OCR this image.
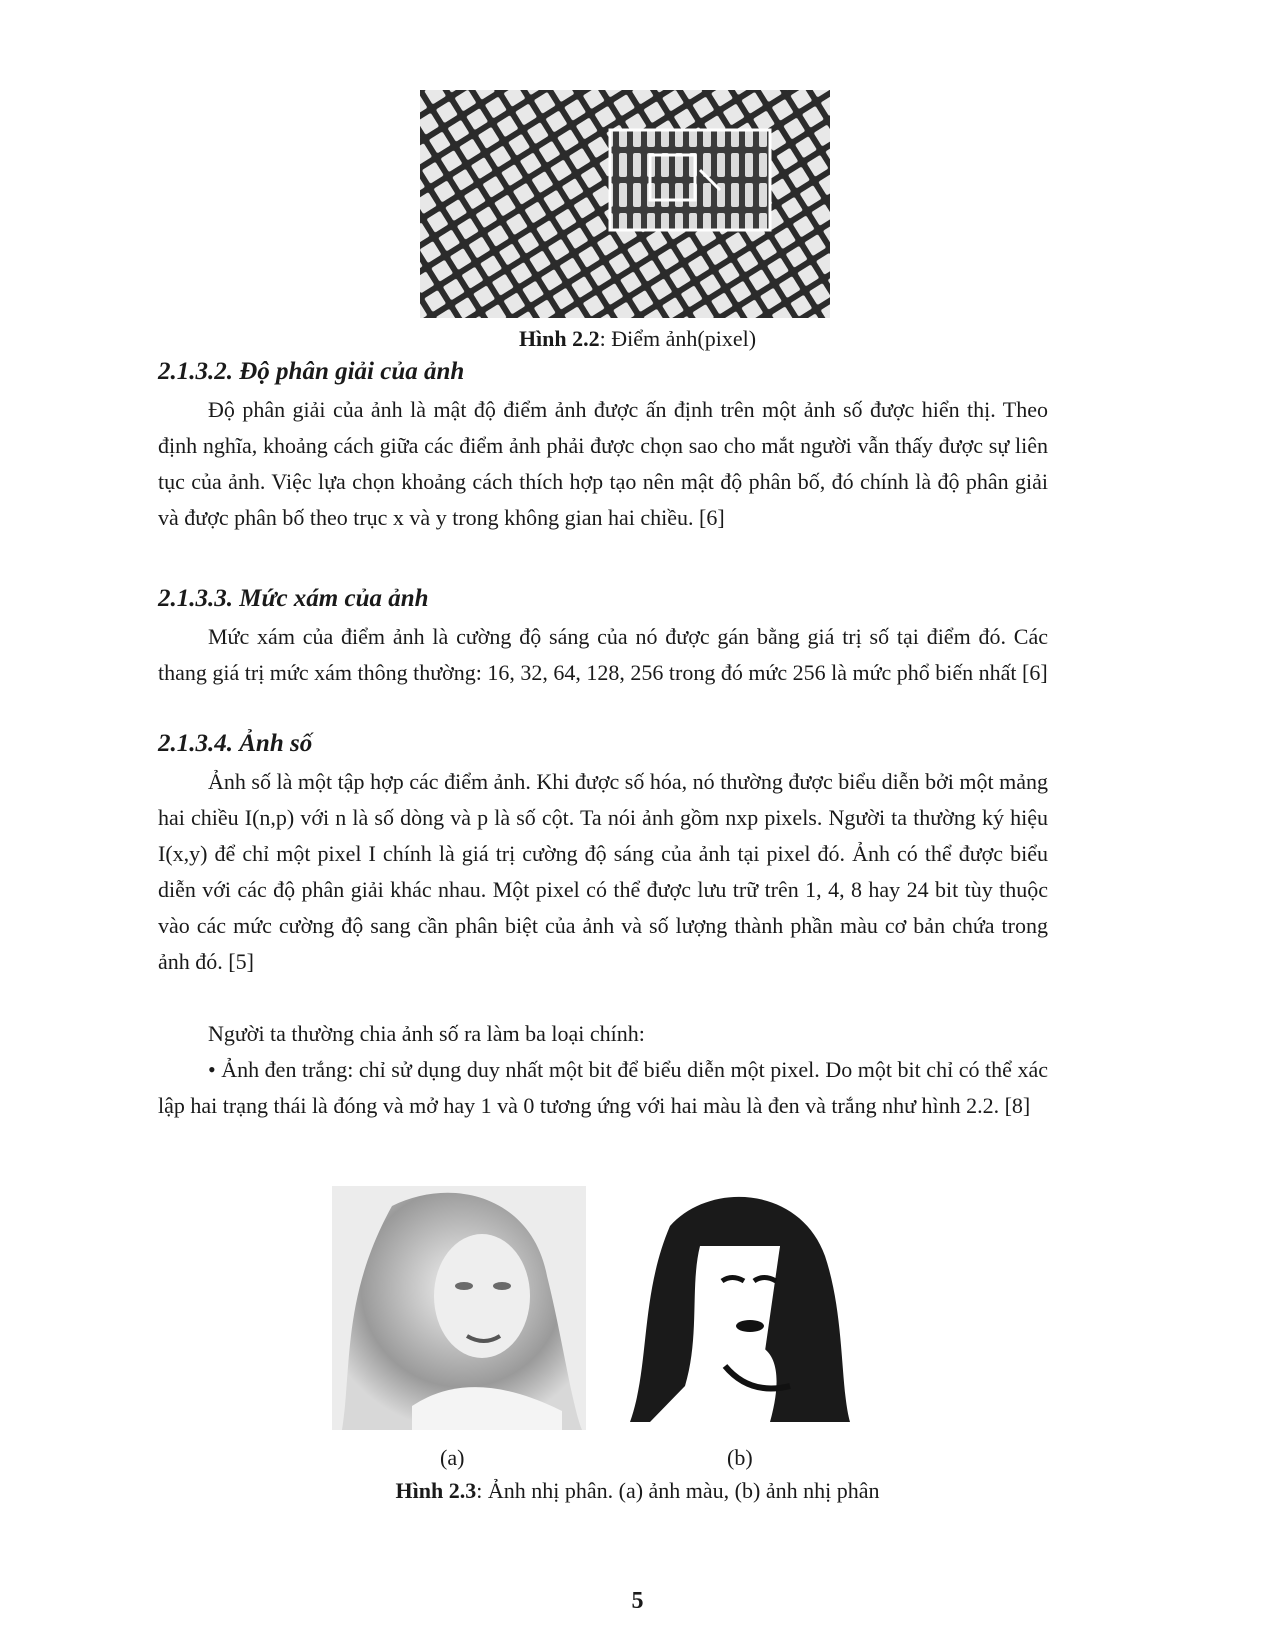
Hình 2.2: Điểm ảnh(pixel)
2.1.3.2. Độ phân giải của ảnh

Độ phân giải của ảnh là mật độ điểm ảnh được ấn định trên một ảnh số được hiển thị. Theo định nghĩa, khoảng cách giữa các điểm ảnh phải được chọn sao cho mắt người vẫn thấy được sự liên tục của ảnh. Việc lựa chọn khoảng cách thích hợp tạo nên mật độ phân bố, đó chính là độ phân giải và được phân bố theo trục x và y trong không gian hai chiều. [6]

2.1.3.3. Mức xám của ảnh

Mức xám của điểm ảnh là cường độ sáng của nó được gán bằng giá trị số tại điểm đó. Các thang giá trị mức xám thông thường: 16, 32, 64, 128, 256 trong đó mức 256 là mức phổ biến nhất [6]

2.1.3.4. Ảnh số

Ảnh số là một tập hợp các điểm ảnh. Khi được số hóa, nó thường được biểu diễn bởi một mảng hai chiều I(n,p) với n là số dòng và p là số cột. Ta nói ảnh gồm nxp pixels. Người ta thường ký hiệu I(x,y) để chỉ một pixel I chính là giá trị cường độ sáng của ảnh tại pixel đó. Ảnh có thể được biểu diễn với các độ phân giải khác nhau. Một pixel có thể được lưu trữ trên 1, 4, 8 hay 24 bit tùy thuộc vào các mức cường độ sang cần phân biệt của ảnh và số lượng thành phần màu cơ bản chứa trong ảnh đó. [5]

Người ta thường chia ảnh số ra làm ba loại chính:

• Ảnh đen trắng: chỉ sử dụng duy nhất một bit để biểu diễn một pixel. Do một bit chỉ có thể xác lập hai trạng thái là đóng và mở hay 1 và 0 tương ứng với hai màu là đen và trắng như hình 2.2. [8]

(a)	(b)
Hình 2.3: Ảnh nhị phân. (a) ảnh màu, (b) ảnh nhị phân
5
